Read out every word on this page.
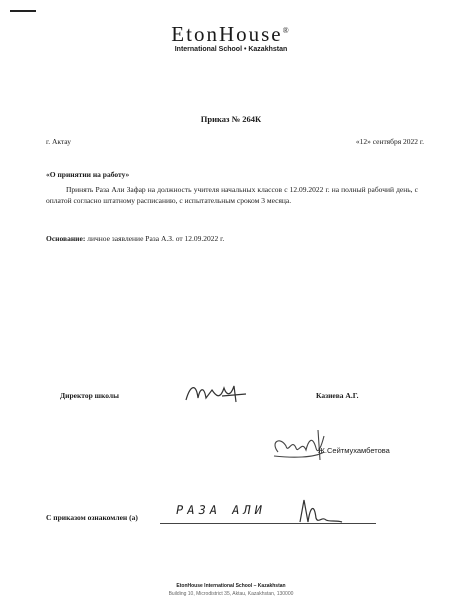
EtonHouse®
International School • Kazakhstan
Приказ № 264К
г. Актау	«12» сентября 2022 г.
«О принятии на работу»
Принять Раза Али Зафар на должность учителя начальных классов с 12.09.2022 г. на полный рабочий день, с оплатой согласно штатному расписанию, с испытательным сроком 3 месяца.
Основание: личное заявление Раза А.З. от 12.09.2022 г.
Директор школы	Казиева А.Г.
Ж.Сейтмухамбетова
С приказом ознакомлен (а)
РАЗА АЛИ
EtonHouse International School – Kazakhstan
Building 10, Microdistrict 35, Aktau, Kazakhstan, 130000
